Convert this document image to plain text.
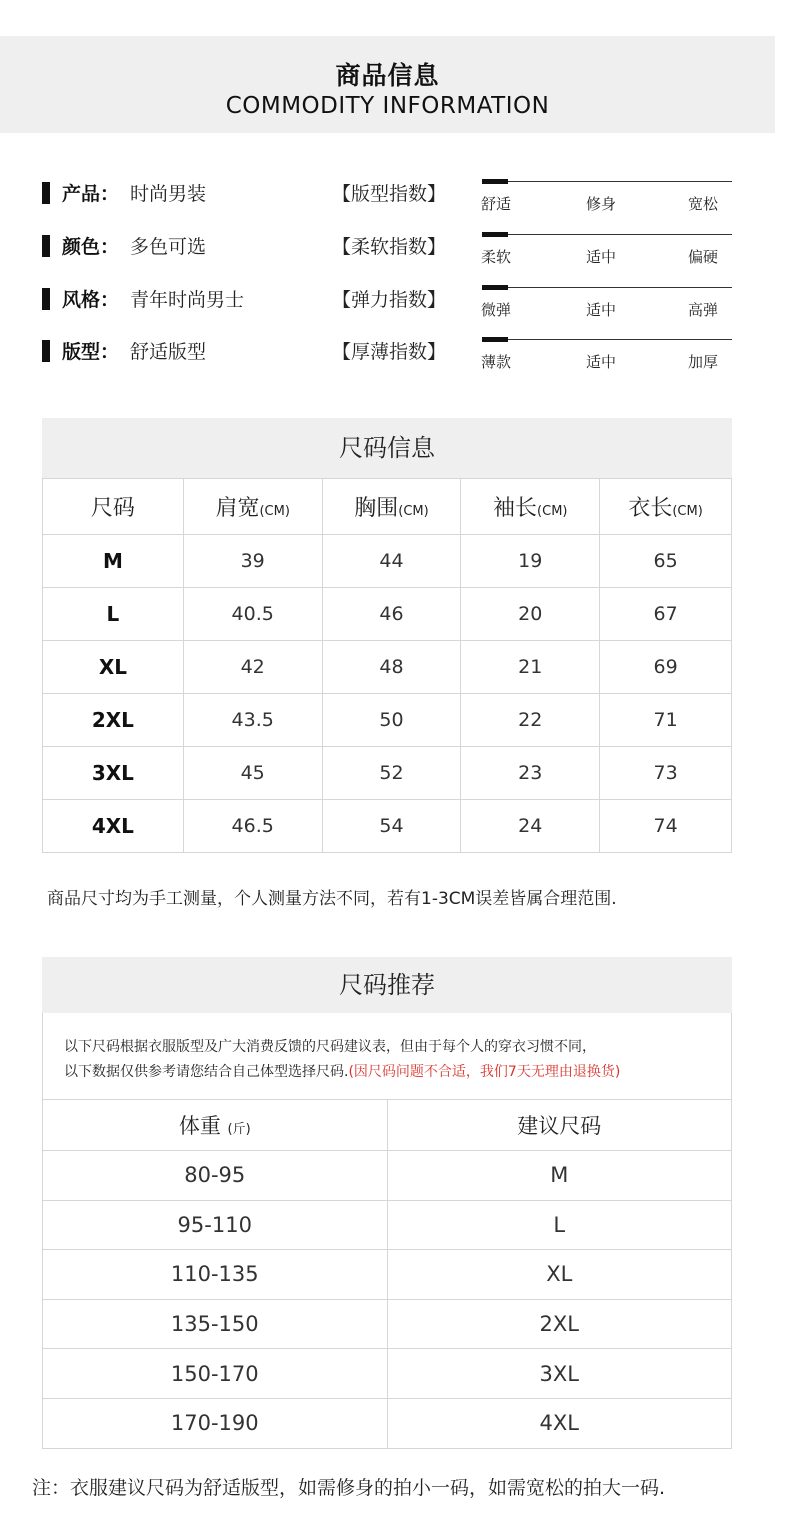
商品信息
COMMODITY INFORMATION
产品： 时尚男装	【版型指数】 舒适	修身	宽松
颜色： 多色可选	【柔软指数】 柔软	适中	偏硬
风格： 青年时尚男士	【弹力指数】 微弹	适中	高弹
版型： 舒适版型	【厚薄指数】 薄款	适中	加厚
尺码信息
尺码	肩宽(CM)	胸围(CM)	袖长(CM)	衣长(CM)
M	39	44	19	65
L	40.5	46	20	67
XL	42	48	21	69
2XL	43.5	50	22	71
3XL	45	52	23	73
4XL	46.5	54	24	74
商品尺寸均为手工测量，个人测量方法不同，若有1-3CM误差皆属合理范围.
尺码推荐
以下尺码根据衣服版型及广大消费反馈的尺码建议表，但由于每个人的穿衣习惯不同，
以下数据仅供参考请您结合自己体型选择尺码.(因尺码问题不合适，我们7天无理由退换货)
体重 (斤)	建议尺码
80-95	M
95-110	L
110-135	XL
135-150	2XL
150-170	3XL
170-190	4XL
注：衣服建议尺码为舒适版型，如需修身的拍小一码，如需宽松的拍大一码.
